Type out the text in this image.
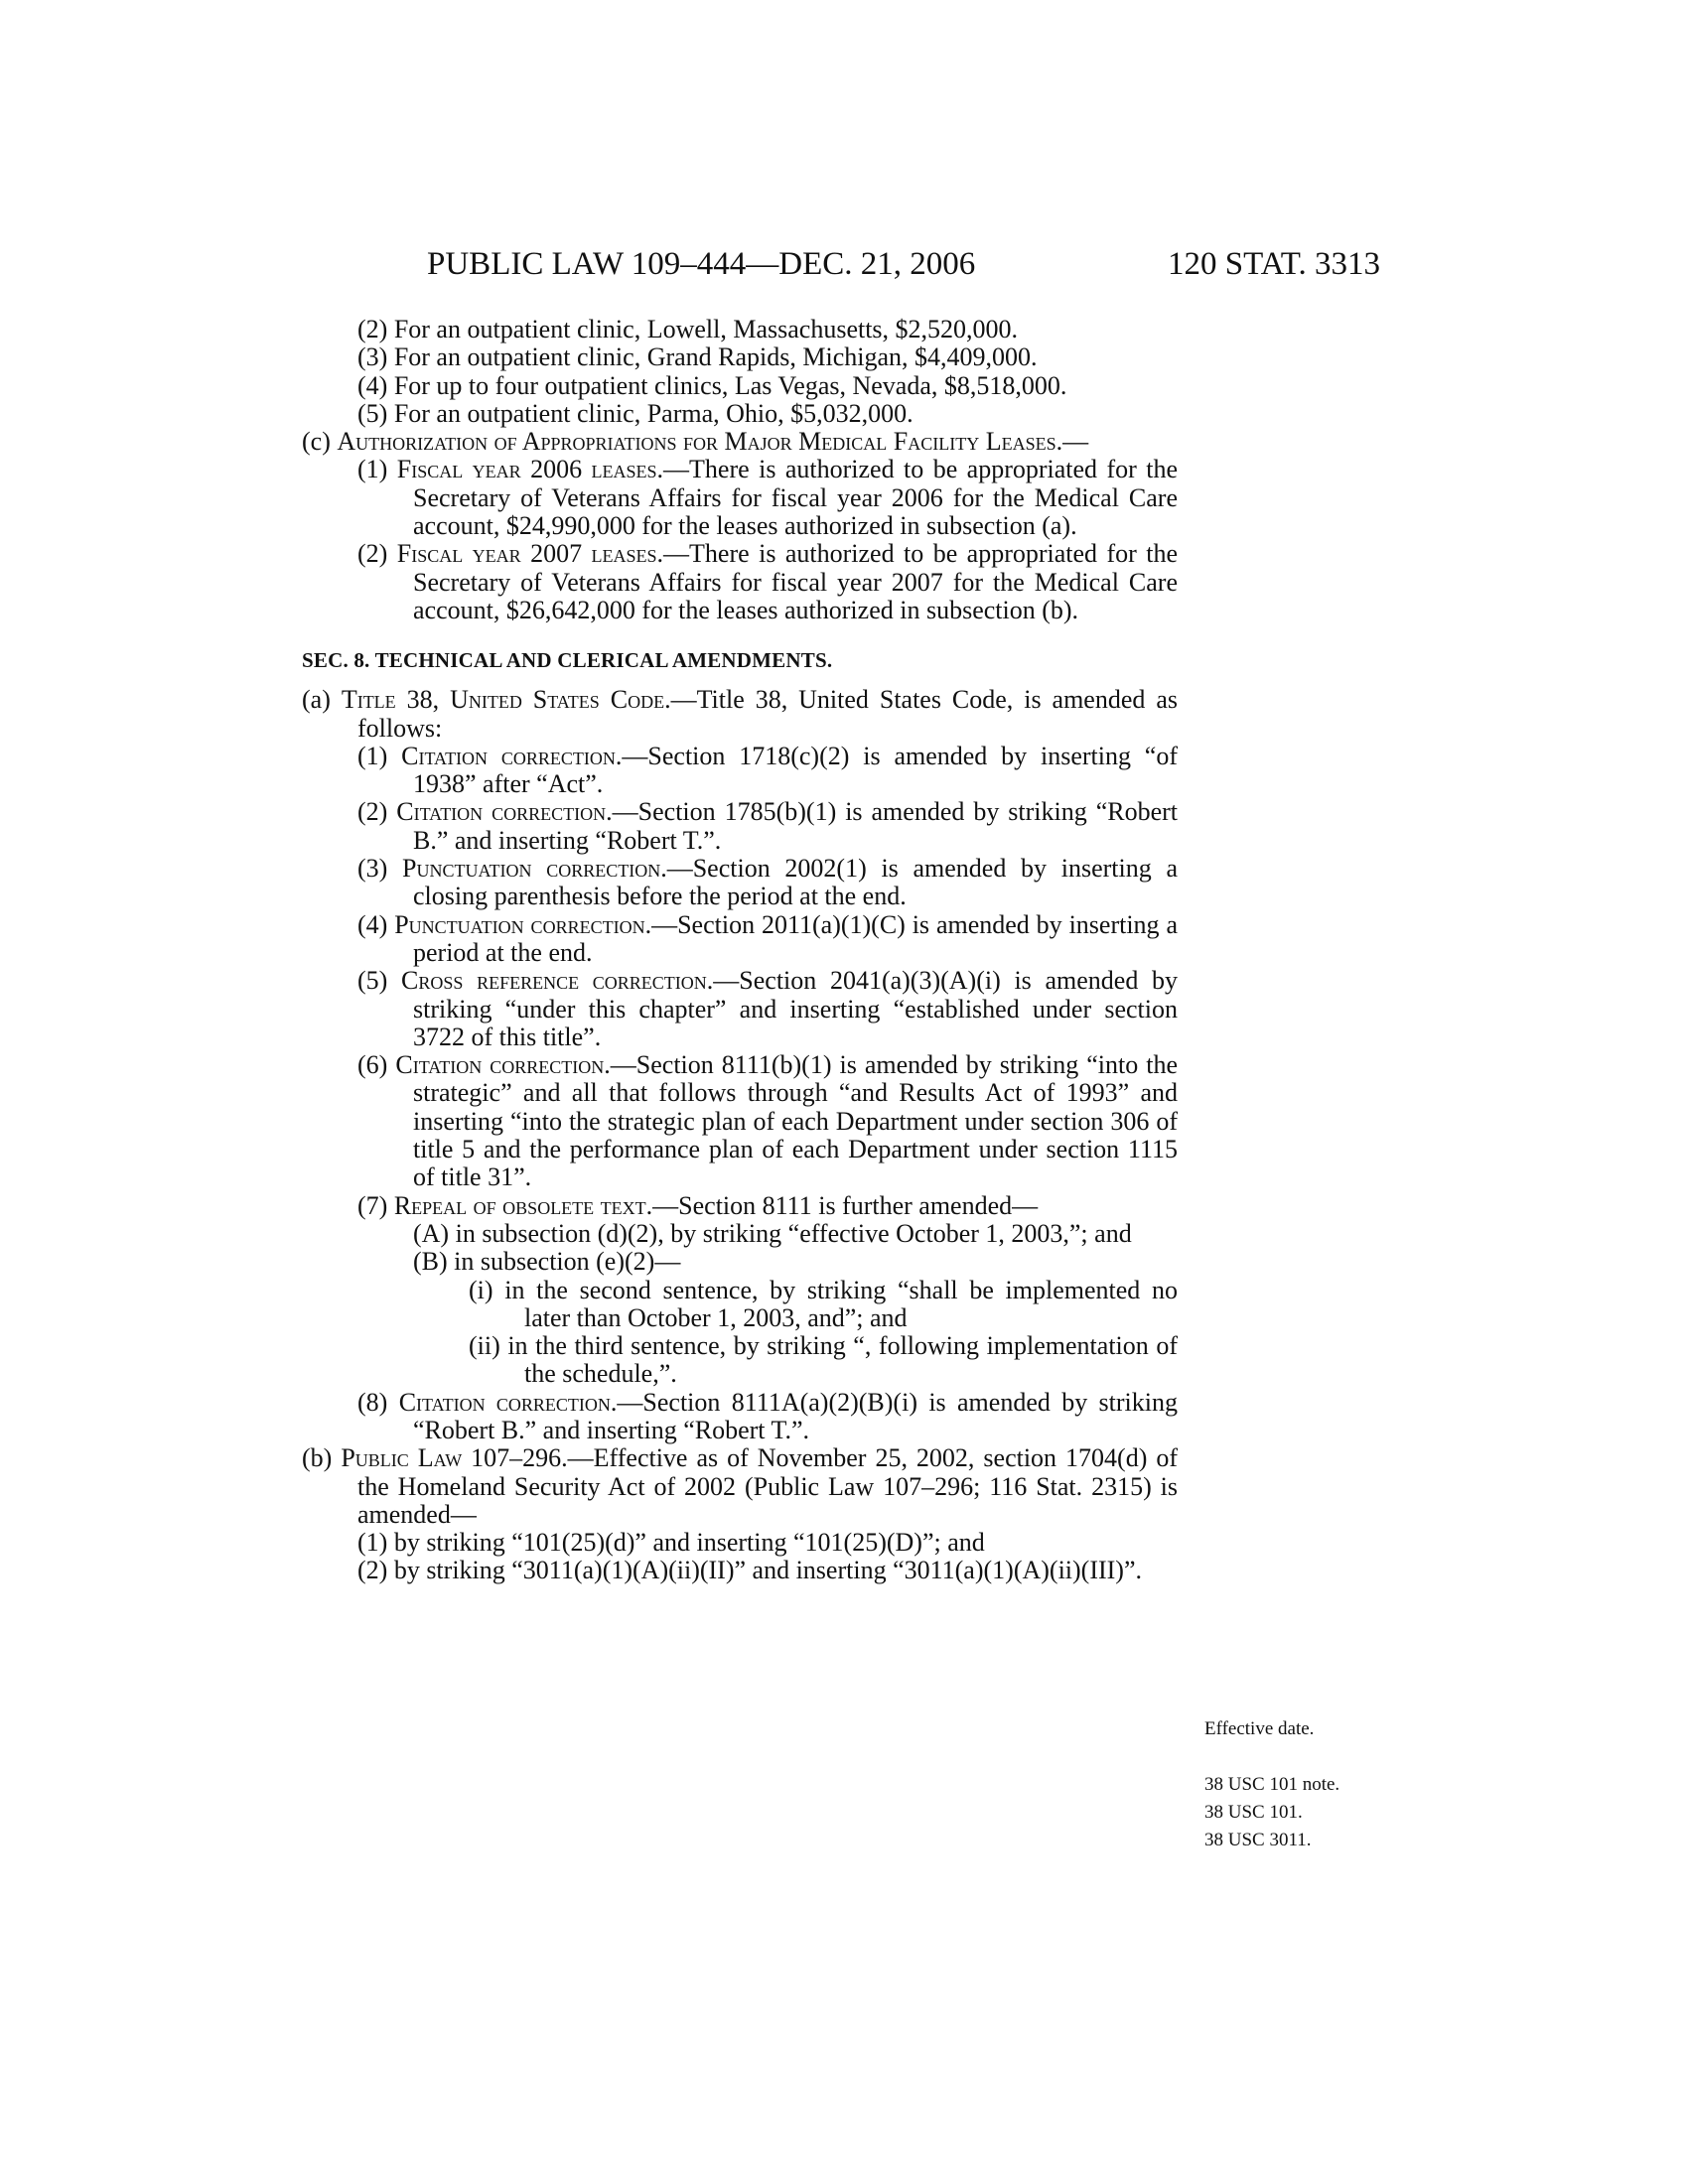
PUBLIC LAW 109–444—DEC. 21, 2006	120 STAT. 3313

(2) For an outpatient clinic, Lowell, Massachusetts, $2,520,000.

(3) For an outpatient clinic, Grand Rapids, Michigan, $4,409,000.

(4) For up to four outpatient clinics, Las Vegas, Nevada, $8,518,000.

(5) For an outpatient clinic, Parma, Ohio, $5,032,000.

(c) Authorization of Appropriations for Major Medical Facility Leases.—

(1) Fiscal year 2006 leases.—There is authorized to be appropriated for the Secretary of Veterans Affairs for fiscal year 2006 for the Medical Care account, $24,990,000 for the leases authorized in subsection (a).

(2) Fiscal year 2007 leases.—There is authorized to be appropriated for the Secretary of Veterans Affairs for fiscal year 2007 for the Medical Care account, $26,642,000 for the leases authorized in subsection (b).

SEC. 8. TECHNICAL AND CLERICAL AMENDMENTS.

(a) Title 38, United States Code.—Title 38, United States Code, is amended as follows:

(1) Citation correction.—Section 1718(c)(2) is amended by inserting “of 1938” after “Act”.

(2) Citation correction.—Section 1785(b)(1) is amended by striking “Robert B.” and inserting “Robert T.”.

(3) Punctuation correction.—Section 2002(1) is amended by inserting a closing parenthesis before the period at the end.

(4) Punctuation correction.—Section 2011(a)(1)(C) is amended by inserting a period at the end.

(5) Cross reference correction.—Section 2041(a)(3)(A)(i) is amended by striking “under this chapter” and inserting “established under section 3722 of this title”.

(6) Citation correction.—Section 8111(b)(1) is amended by striking “into the strategic” and all that follows through “and Results Act of 1993” and inserting “into the strategic plan of each Department under section 306 of title 5 and the performance plan of each Department under section 1115 of title 31”.

(7) Repeal of obsolete text.—Section 8111 is further amended—

(A) in subsection (d)(2), by striking “effective October 1, 2003,”; and

(B) in subsection (e)(2)—

(i) in the second sentence, by striking “shall be implemented no later than October 1, 2003, and”; and

(ii) in the third sentence, by striking “, following implementation of the schedule,”.

(8) Citation correction.—Section 8111A(a)(2)(B)(i) is amended by striking “Robert B.” and inserting “Robert T.”.

(b) Public Law 107–296.—Effective as of November 25, 2002, section 1704(d) of the Homeland Security Act of 2002 (Public Law 107–296; 116 Stat. 2315) is amended—

(1) by striking “101(25)(d)” and inserting “101(25)(D)”; and

(2) by striking “3011(a)(1)(A)(ii)(II)” and inserting “3011(a)(1)(A)(ii)(III)”.

Effective date.
38 USC 101 note.
38 USC 101.
38 USC 3011.
